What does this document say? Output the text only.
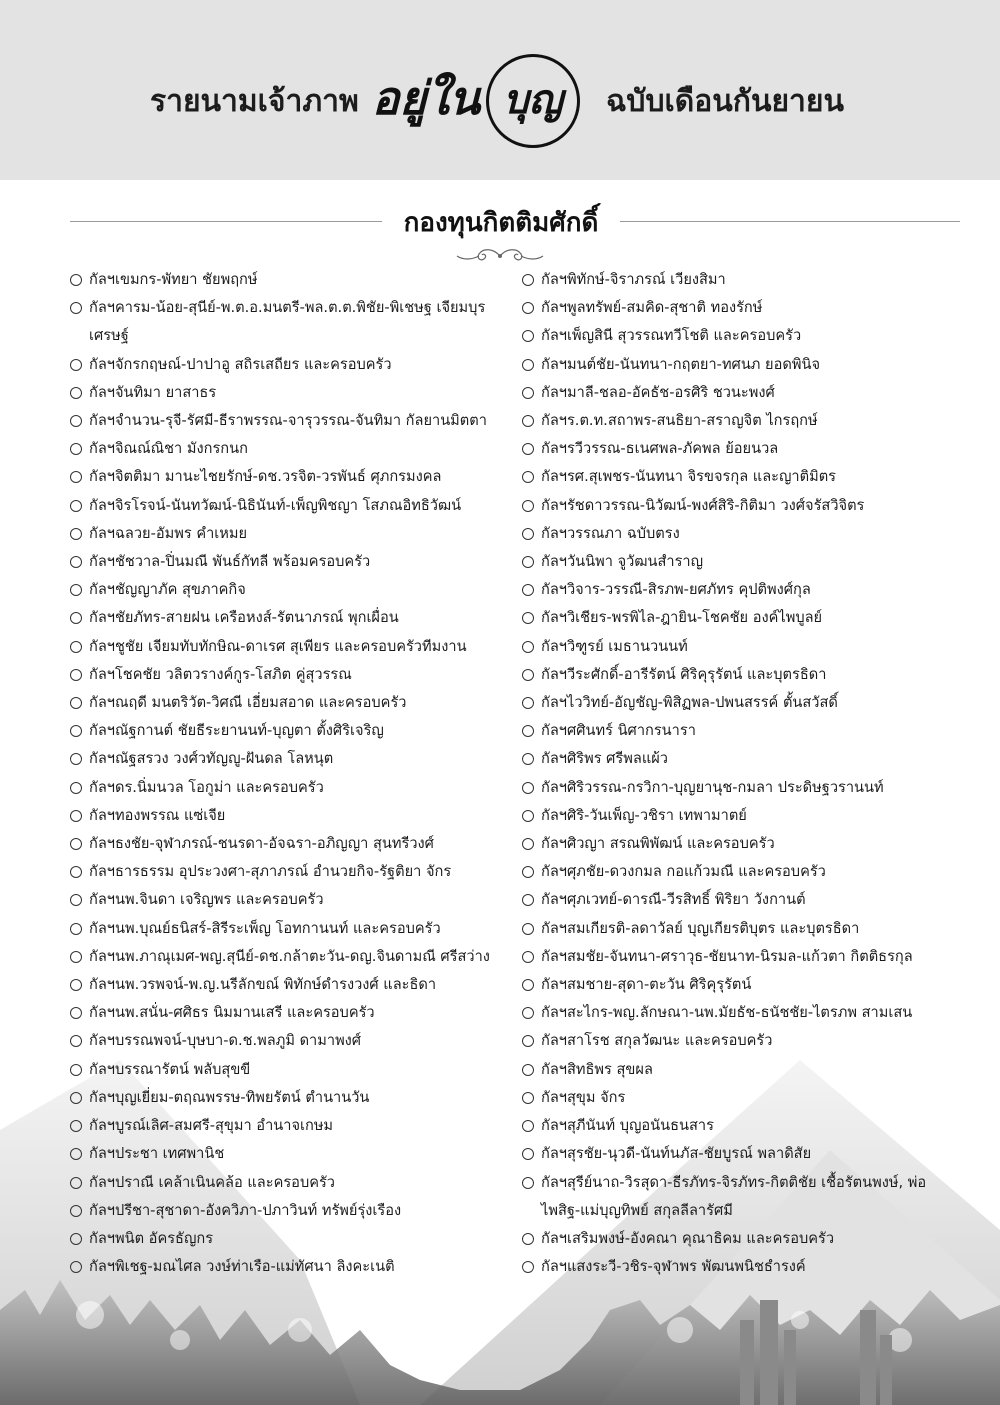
รายนามเจ้าภาพ อยู่ใน บุญ	ฉบับเดือนกันยายน
กองทุนกิตติมศักดิ์
กัลฯเขมกร-พัทยา ชัยพฤกษ์
กัลฯคารม-น้อย-สุนีย์-พ.ต.อ.มนตรี-พล.ต.ต.พิชัย-พิเชษฐ เจียมบุรเศรษฐ์
กัลฯจักรกฤษณ์-ปาปาอู สถิรเสถียร และครอบครัว
กัลฯจันทิมา ยาสาธร
กัลฯจำนวน-รุจี-รัศมี-ธีราพรรณ-จารุวรรณ-จันทิมา กัลยานมิตตา
กัลฯจิณณ์ณิชา มังกรกนก
กัลฯจิตติมา มานะไชยรักษ์-ดช.วรจิต-วรพันธ์ ศุภกรมงคล
กัลฯจิรโรจน์-นันทวัฒน์-นิธินันท์-เพ็ญพิชญา โสภณอิทธิวัฒน์
กัลฯฉลวย-อัมพร คำเหมย
กัลฯชัชวาล-ปิ่นมณี พันธ์กัทลี พร้อมครอบครัว
กัลฯชัญญาภัค สุขภาคกิจ
กัลฯชัยภัทร-สายฝน เครือหงส์-รัตนาภรณ์ พุกเผื่อน
กัลฯชูชัย เจียมทับทักษิณ-ดาเรศ สุเพียร และครอบครัวทีมงาน
กัลฯโชคชัย วลิตวรางค์กูร-โสภิต คู่สุวรรณ
กัลฯณฤดี มนตริวัต-วิศณี เอี่ยมสอาด และครอบครัว
กัลฯณัฐกานต์ ชัยธีระยานนท์-บุญตา ตั้งศิริเจริญ
กัลฯณัฐสรวง วงศ์วทัญญู-ฝันดล โลหนุต
กัลฯดร.นิ่มนวล โอกูม่า และครอบครัว
กัลฯทองพรรณ แซ่เจีย
กัลฯธงชัย-จุฬาภรณ์-ชนรดา-อัจฉรา-อภิญญา สุนทรีวงศ์
กัลฯธารธรรม อุประวงศา-สุภาภรณ์ อำนวยกิจ-รัฐติยา จักร
กัลฯนพ.จินดา เจริญพร และครอบครัว
กัลฯนพ.บุณย์ธนิสร์-สิรีระเพ็ญ โอทกานนท์ และครอบครัว
กัลฯนพ.ภาณุเมศ-พญ.สุนีย์-ดช.กล้าตะวัน-ดญ.จินดามณี ศรีสว่าง
กัลฯนพ.วรพจน์-พ.ญ.นรีลักขณ์ พิทักษ์ดำรงวงศ์ และธิดา
กัลฯนพ.สนั่น-ศศิธร นิมมานเสรี และครอบครัว
กัลฯบรรณพจน์-บุษบา-ด.ช.พลภูมิ ดามาพงศ์
กัลฯบรรณารัตน์ พลับสุขขี
กัลฯบุญเยี่ยม-ตฤณพรรษ-ทิพยรัตน์ ตำนานวัน
กัลฯบูรณ์เลิศ-สมศรี-สุขุมา อำนาจเกษม
กัลฯประชา เทศพานิช
กัลฯปราณี เคล้าเนินคล้อ และครอบครัว
กัลฯปรีชา-สุชาดา-อังควิภา-ปภาวินท์ ทรัพย์รุ่งเรือง
กัลฯพนิต อัครธัญกร
กัลฯพิเชฐ-มณไศล วงษ์ท่าเรือ-แม่ทัศนา ลิงคะเนติ
กัลฯพิทักษ์-จิราภรณ์ เวียงสิมา
กัลฯพูลทรัพย์-สมคิด-สุชาติ ทองรักษ์
กัลฯเพ็ญสินี สุวรรณทวีโชติ และครอบครัว
กัลฯมนต์ชัย-นันทนา-กฤตยา-ทศนภ ยอดพินิจ
กัลฯมาลี-ชลอ-อัคธัช-อรศิริ ชวนะพงศ์
กัลฯร.ต.ท.สถาพร-สนธิยา-สราญจิต ไกรฤกษ์
กัลฯรวีวรรณ-ธเนศพล-ภัคพล ย้อยนวล
กัลฯรศ.สุเพชร-นันทนา จิรขจรกุล และญาติมิตร
กัลฯรัชดาวรรณ-นิวัฒน์-พงศ์สิริ-กิติมา วงศ์จรัสวิจิตร
กัลฯวรรณภา ฉบับตรง
กัลฯวันนิพา จูวัฒนสำราญ
กัลฯวิจาร-วรรณี-สิรภพ-ยศภัทร คุปติพงศ์กุล
กัลฯวิเชียร-พรพิไล-ฎายิน-โชคชัย องค์ไพบูลย์
กัลฯวิฑูรย์ เมธานวนนท์
กัลฯวีระศักดิ์-อารีรัตน์ ศิริคุรุรัตน์ และบุตรธิดา
กัลฯไววิทย์-อัญชัญ-พิสิฏพล-ปพนสรรค์ ตั้นสวัสดิ์
กัลฯศศินทร์ นิศากรนารา
กัลฯศิริพร ศรีพลแผ้ว
กัลฯศิริวรรณ-กรวิกา-บุญยานุช-กมลา ประดิษฐวรานนท์
กัลฯศิริ-วันเพ็ญ-วชิรา เทพามาตย์
กัลฯศิวญา สรณพิพัฒน์ และครอบครัว
กัลฯศุภชัย-ดวงกมล กอแก้วมณี และครอบครัว
กัลฯศุภเวทย์-ดารณี-วีรสิทธิ์ พิริยา วังกานต์
กัลฯสมเกียรติ-ลดาวัลย์ บุญเกียรติบุตร และบุตรธิดา
กัลฯสมชัย-จันทนา-ศราวุธ-ชัยนาท-นิรมล-แก้วตา กิตติธรกุล
กัลฯสมชาย-สุดา-ตะวัน ศิริคุรุรัตน์
กัลฯสะไกร-พญ.ลักษณา-นพ.มัยธัช-ธนัชชัย-ไตรภพ สามเสน
กัลฯสาโรช สกุลวัฒนะ และครอบครัว
กัลฯสิทธิพร สุขผล
กัลฯสุขุม จักร
กัลฯสุภีนันท์ บุญอนันธนสาร
กัลฯสุรชัย-นุวดี-นันท์นภัส-ชัยบูรณ์ พลาดิสัย
กัลฯสุรีย์นาถ-วิรสุดา-ธีรภัทร-จิรภัทร-กิตติชัย เชื้อรัตนพงษ์, พ่อไพสิฐ-แม่บุญทิพย์ สกุลลีลารัศมี
กัลฯเสริมพงษ์-อังคณา คุณาธิคม และครอบครัว
กัลฯแสงระวี-วชิร-จุฬาพร พัฒนพนิชธำรงค์
